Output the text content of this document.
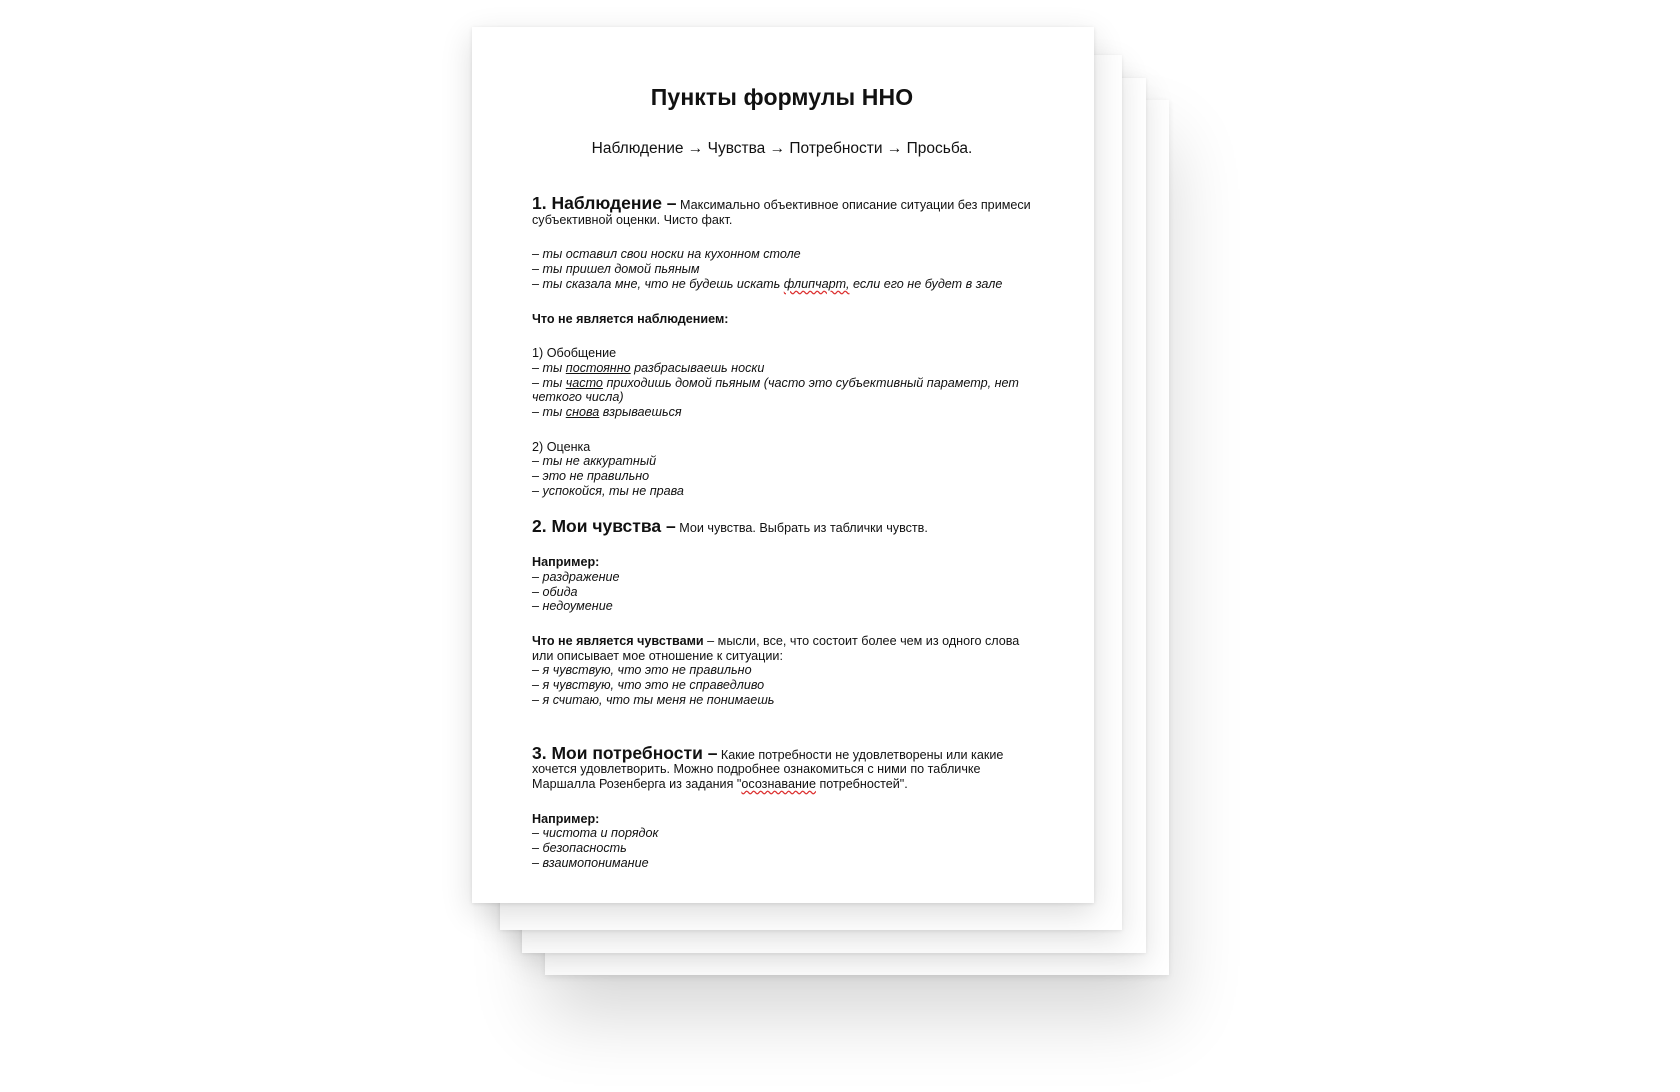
Пункты формулы ННО

Наблюдение → Чувства → Потребности → Просьба.

1. Наблюдение – Максимально объективное описание ситуации без примеси субъективной оценки. Чисто факт.

– ты оставил свои носки на кухонном столе

– ты пришел домой пьяным

– ты сказала мне, что не будешь искать флипчарт, если его не будет в зале

Что не является наблюдением:

1) Обобщение

– ты постоянно разбрасываешь носки

– ты часто приходишь домой пьяным (часто это субъективный параметр, нет четкого числа)

– ты снова взрываешься

2) Оценка

– ты не аккуратный

– это не правильно

– успокойся, ты не права

2. Мои чувства – Мои чувства. Выбрать из таблички чувств.

Например:

– раздражение

– обида

– недоумение

Что не является чувствами – мысли, все, что состоит более чем из одного слова или описывает мое отношение к ситуации:

– я чувствую, что это не правильно

– я чувствую, что это не справедливо

– я считаю, что ты меня не понимаешь

3. Мои потребности – Какие потребности не удовлетворены или какие хочется удовлетворить. Можно подробнее ознакомиться с ними по табличке Маршалла Розенберга из задания "осознавание потребностей".

Например:

– чистота и порядок

– безопасность

– взаимопонимание
